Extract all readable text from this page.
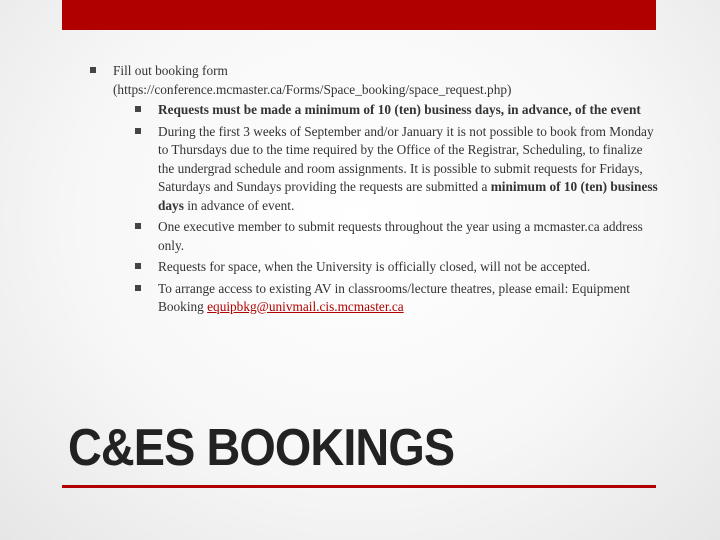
Fill out booking form
(https://conference.mcmaster.ca/Forms/Space_booking/space_request.php)
Requests must be made a minimum of 10 (ten) business days, in advance, of the event
During the first 3 weeks of September and/or January it is not possible to book from Monday to Thursdays due to the time required by the Office of the Registrar, Scheduling, to finalize the undergrad schedule and room assignments. It is possible to submit requests for Fridays, Saturdays and Sundays providing the requests are submitted a minimum of 10 (ten) business days in advance of event.
One executive member to submit requests throughout the year using a mcmaster.ca address only.
Requests for space, when the University is officially closed, will not be accepted.
To arrange access to existing AV in classrooms/lecture theatres, please email: Equipment Booking equipbkg@univmail.cis.mcmaster.ca
C&ES BOOKINGS
